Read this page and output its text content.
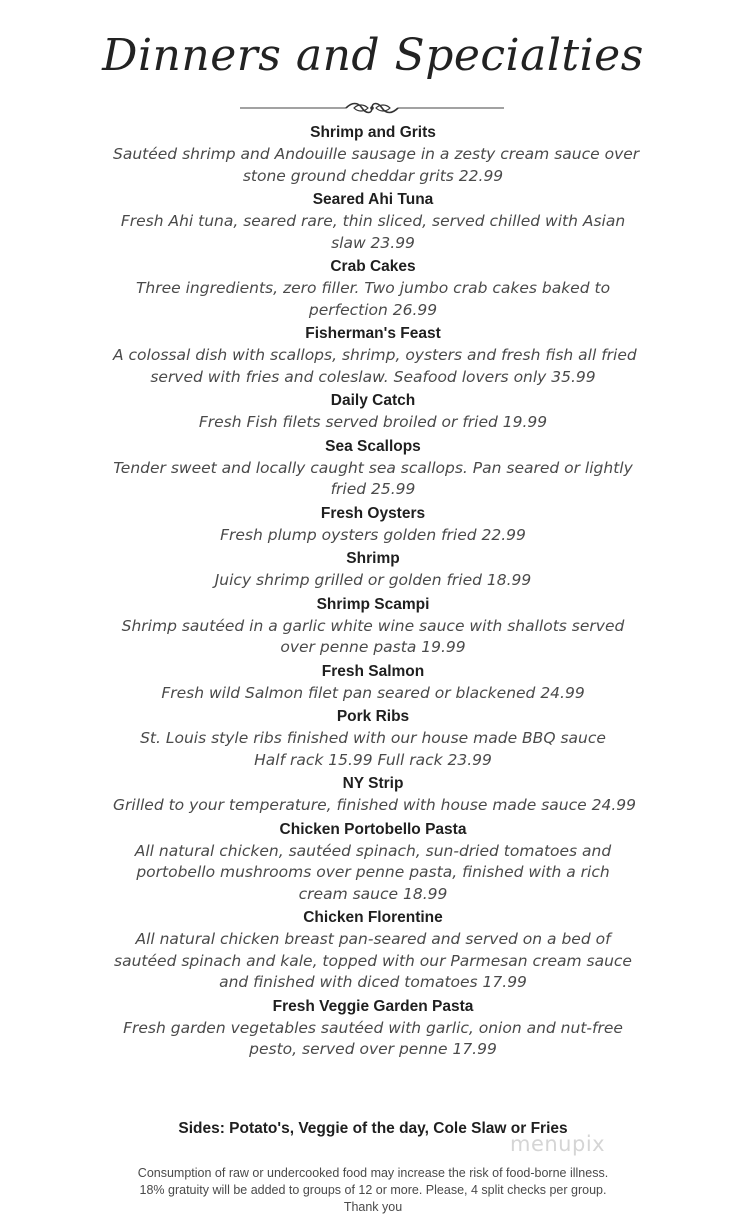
Dinners and Specialties
Shrimp and Grits
Sautéed shrimp and Andouille sausage in a zesty cream sauce over
stone ground cheddar grits 22.99
Seared Ahi Tuna
Fresh Ahi tuna, seared rare, thin sliced, served chilled with Asian
slaw 23.99
Crab Cakes
Three ingredients, zero filler. Two jumbo crab cakes baked to
perfection 26.99
Fisherman's Feast
A colossal dish with scallops, shrimp, oysters and fresh fish all fried
served with fries and coleslaw. Seafood lovers only 35.99
Daily Catch
Fresh Fish filets served broiled or fried 19.99
Sea Scallops
Tender sweet and locally caught sea scallops. Pan seared or lightly
fried 25.99
Fresh Oysters
Fresh plump oysters golden fried 22.99
Shrimp
Juicy shrimp grilled or golden fried 18.99
Shrimp Scampi
Shrimp sautéed in a garlic white wine sauce with shallots served
over penne pasta 19.99
Fresh Salmon
Fresh wild Salmon filet pan seared or blackened 24.99
Pork Ribs
St. Louis style ribs finished with our house made BBQ sauce
Half rack 15.99 Full rack 23.99
NY Strip
Grilled to your temperature, finished with house made sauce 24.99
Chicken Portobello Pasta
All natural chicken, sautéed spinach, sun-dried tomatoes and
portobello mushrooms over penne pasta, finished with a rich
cream sauce 18.99
Chicken Florentine
All natural chicken breast pan-seared and served on a bed of
sautéed spinach and kale, topped with our Parmesan cream sauce
and finished with diced tomatoes 17.99
Fresh Veggie Garden Pasta
Fresh garden vegetables sautéed with garlic, onion and nut-free
pesto, served over penne 17.99
Sides: Potato's, Veggie of the day, Cole Slaw or Fries
menupix
Consumption of raw or undercooked food may increase the risk of food-borne illness.
18% gratuity will be added to groups of 12 or more. Please, 4 split checks per group.
Thank you
